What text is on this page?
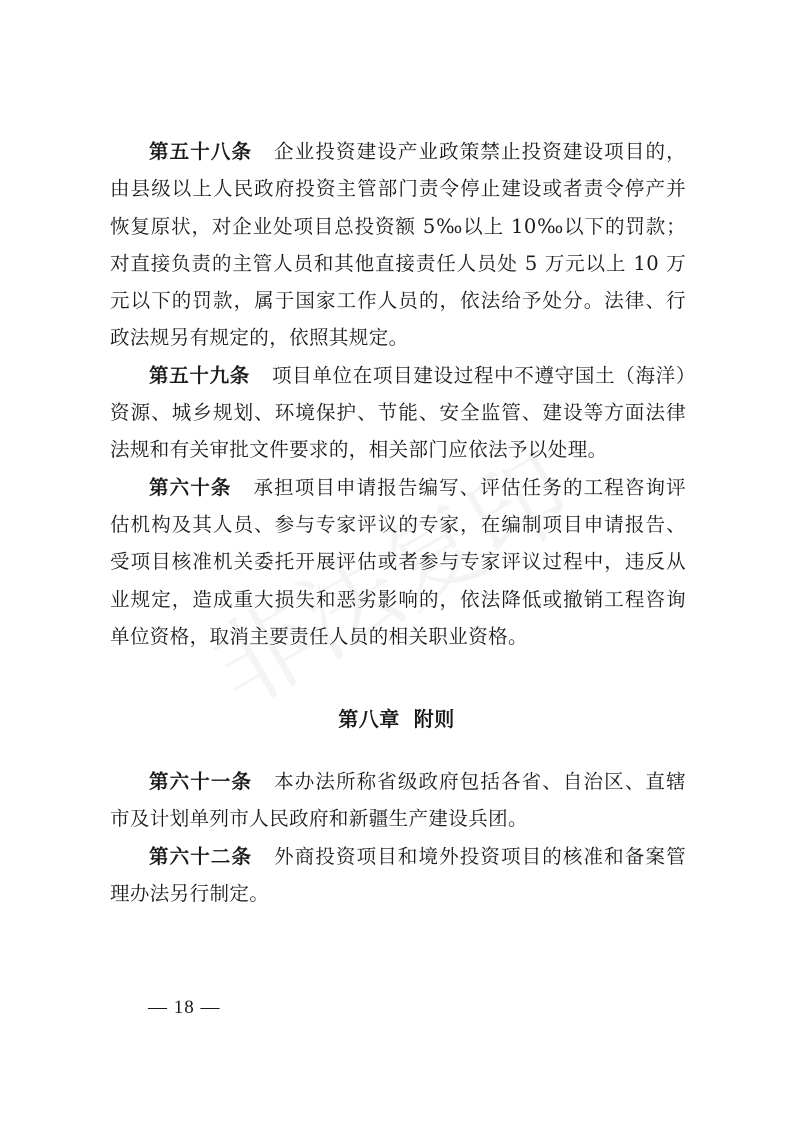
第五十八条 企业投资建设产业政策禁止投资建设项目的，由县级以上人民政府投资主管部门责令停止建设或者责令停产并恢复原状，对企业处项目总投资额 5‰以上 10‰以下的罚款；对直接负责的主管人员和其他直接责任人员处 5 万元以上 10 万元以下的罚款，属于国家工作人员的，依法给予处分。法律、行政法规另有规定的，依照其规定。

第五十九条 项目单位在项目建设过程中不遵守国土（海洋）资源、城乡规划、环境保护、节能、安全监管、建设等方面法律法规和有关审批文件要求的，相关部门应依法予以处理。

第六十条 承担项目申请报告编写、评估任务的工程咨询评估机构及其人员、参与专家评议的专家，在编制项目申请报告、受项目核准机关委托开展评估或者参与专家评议过程中，违反从业规定，造成重大损失和恶劣影响的，依法降低或撤销工程咨询单位资格，取消主要责任人员的相关职业资格。

第八章 附则

第六十一条 本办法所称省级政府包括各省、自治区、直辖市及计划单列市人民政府和新疆生产建设兵团。

第六十二条 外商投资项目和境外投资项目的核准和备案管理办法另行制定。

— 18 —
